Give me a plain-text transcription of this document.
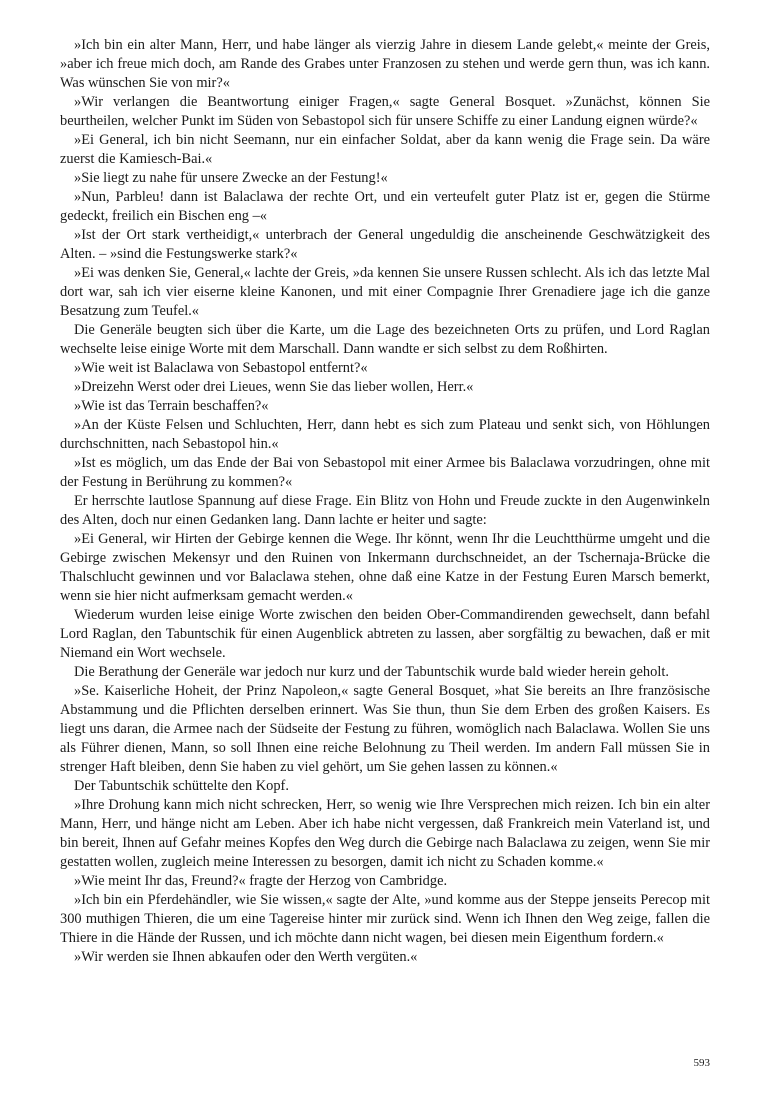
»Ich bin ein alter Mann, Herr, und habe länger als vierzig Jahre in diesem Lande gelebt,« meinte der Greis, »aber ich freue mich doch, am Rande des Grabes unter Franzosen zu stehen und werde gern thun, was ich kann. Was wünschen Sie von mir?«

»Wir verlangen die Beantwortung einiger Fragen,« sagte General Bosquet. »Zunächst, können Sie beurtheilen, welcher Punkt im Süden von Sebastopol sich für unsere Schiffe zu einer Landung eignen würde?«

»Ei General, ich bin nicht Seemann, nur ein einfacher Soldat, aber da kann wenig die Frage sein. Da wäre zuerst die Kamiesch-Bai.«

»Sie liegt zu nahe für unsere Zwecke an der Festung!«

»Nun, Parbleu! dann ist Balaclawa der rechte Ort, und ein verteufelt guter Platz ist er, gegen die Stürme gedeckt, freilich ein Bischen eng –«

»Ist der Ort stark vertheidigt,« unterbrach der General ungeduldig die anscheinende Geschwätzigkeit des Alten. – »sind die Festungswerke stark?«

»Ei was denken Sie, General,« lachte der Greis, »da kennen Sie unsere Russen schlecht. Als ich das letzte Mal dort war, sah ich vier eiserne kleine Kanonen, und mit einer Compagnie Ihrer Grenadiere jage ich die ganze Besatzung zum Teufel.«

Die Generäle beugten sich über die Karte, um die Lage des bezeichneten Orts zu prüfen, und Lord Raglan wechselte leise einige Worte mit dem Marschall. Dann wandte er sich selbst zu dem Roßhirten.

»Wie weit ist Balaclawa von Sebastopol entfernt?«

»Dreizehn Werst oder drei Lieues, wenn Sie das lieber wollen, Herr.«

»Wie ist das Terrain beschaffen?«

»An der Küste Felsen und Schluchten, Herr, dann hebt es sich zum Plateau und senkt sich, von Höhlungen durchschnitten, nach Sebastopol hin.«

»Ist es möglich, um das Ende der Bai von Sebastopol mit einer Armee bis Balaclawa vorzudringen, ohne mit der Festung in Berührung zu kommen?«

Er herrschte lautlose Spannung auf diese Frage. Ein Blitz von Hohn und Freude zuckte in den Augenwinkeln des Alten, doch nur einen Gedanken lang. Dann lachte er heiter und sagte:

»Ei General, wir Hirten der Gebirge kennen die Wege. Ihr könnt, wenn Ihr die Leuchtthürme umgeht und die Gebirge zwischen Mekensyr und den Ruinen von Inkermann durchschneidet, an der Tschernaja-Brücke die Thalschlucht gewinnen und vor Balaclawa stehen, ohne daß eine Katze in der Festung Euren Marsch bemerkt, wenn sie hier nicht aufmerksam gemacht werden.«

Wiederum wurden leise einige Worte zwischen den beiden Ober-Commandirenden gewechselt, dann befahl Lord Raglan, den Tabuntschik für einen Augenblick abtreten zu lassen, aber sorgfältig zu bewachen, daß er mit Niemand ein Wort wechsele.

Die Berathung der Generäle war jedoch nur kurz und der Tabuntschik wurde bald wieder herein geholt.

»Se. Kaiserliche Hoheit, der Prinz Napoleon,« sagte General Bosquet, »hat Sie bereits an Ihre französische Abstammung und die Pflichten derselben erinnert. Was Sie thun, thun Sie dem Erben des großen Kaisers. Es liegt uns daran, die Armee nach der Südseite der Festung zu führen, womöglich nach Balaclawa. Wollen Sie uns als Führer dienen, Mann, so soll Ihnen eine reiche Belohnung zu Theil werden. Im andern Fall müssen Sie in strenger Haft bleiben, denn Sie haben zu viel gehört, um Sie gehen lassen zu können.«

Der Tabuntschik schüttelte den Kopf.

»Ihre Drohung kann mich nicht schrecken, Herr, so wenig wie Ihre Versprechen mich reizen. Ich bin ein alter Mann, Herr, und hänge nicht am Leben. Aber ich habe nicht vergessen, daß Frankreich mein Vaterland ist, und bin bereit, Ihnen auf Gefahr meines Kopfes den Weg durch die Gebirge nach Balaclawa zu zeigen, wenn Sie mir gestatten wollen, zugleich meine Interessen zu besorgen, damit ich nicht zu Schaden komme.«

»Wie meint Ihr das, Freund?« fragte der Herzog von Cambridge.

»Ich bin ein Pferdehändler, wie Sie wissen,« sagte der Alte, »und komme aus der Steppe jenseits Perecop mit 300 muthigen Thieren, die um eine Tagereise hinter mir zurück sind. Wenn ich Ihnen den Weg zeige, fallen die Thiere in die Hände der Russen, und ich möchte dann nicht wagen, bei diesen mein Eigenthum fordern.«

»Wir werden sie Ihnen abkaufen oder den Werth vergüten.«

593
